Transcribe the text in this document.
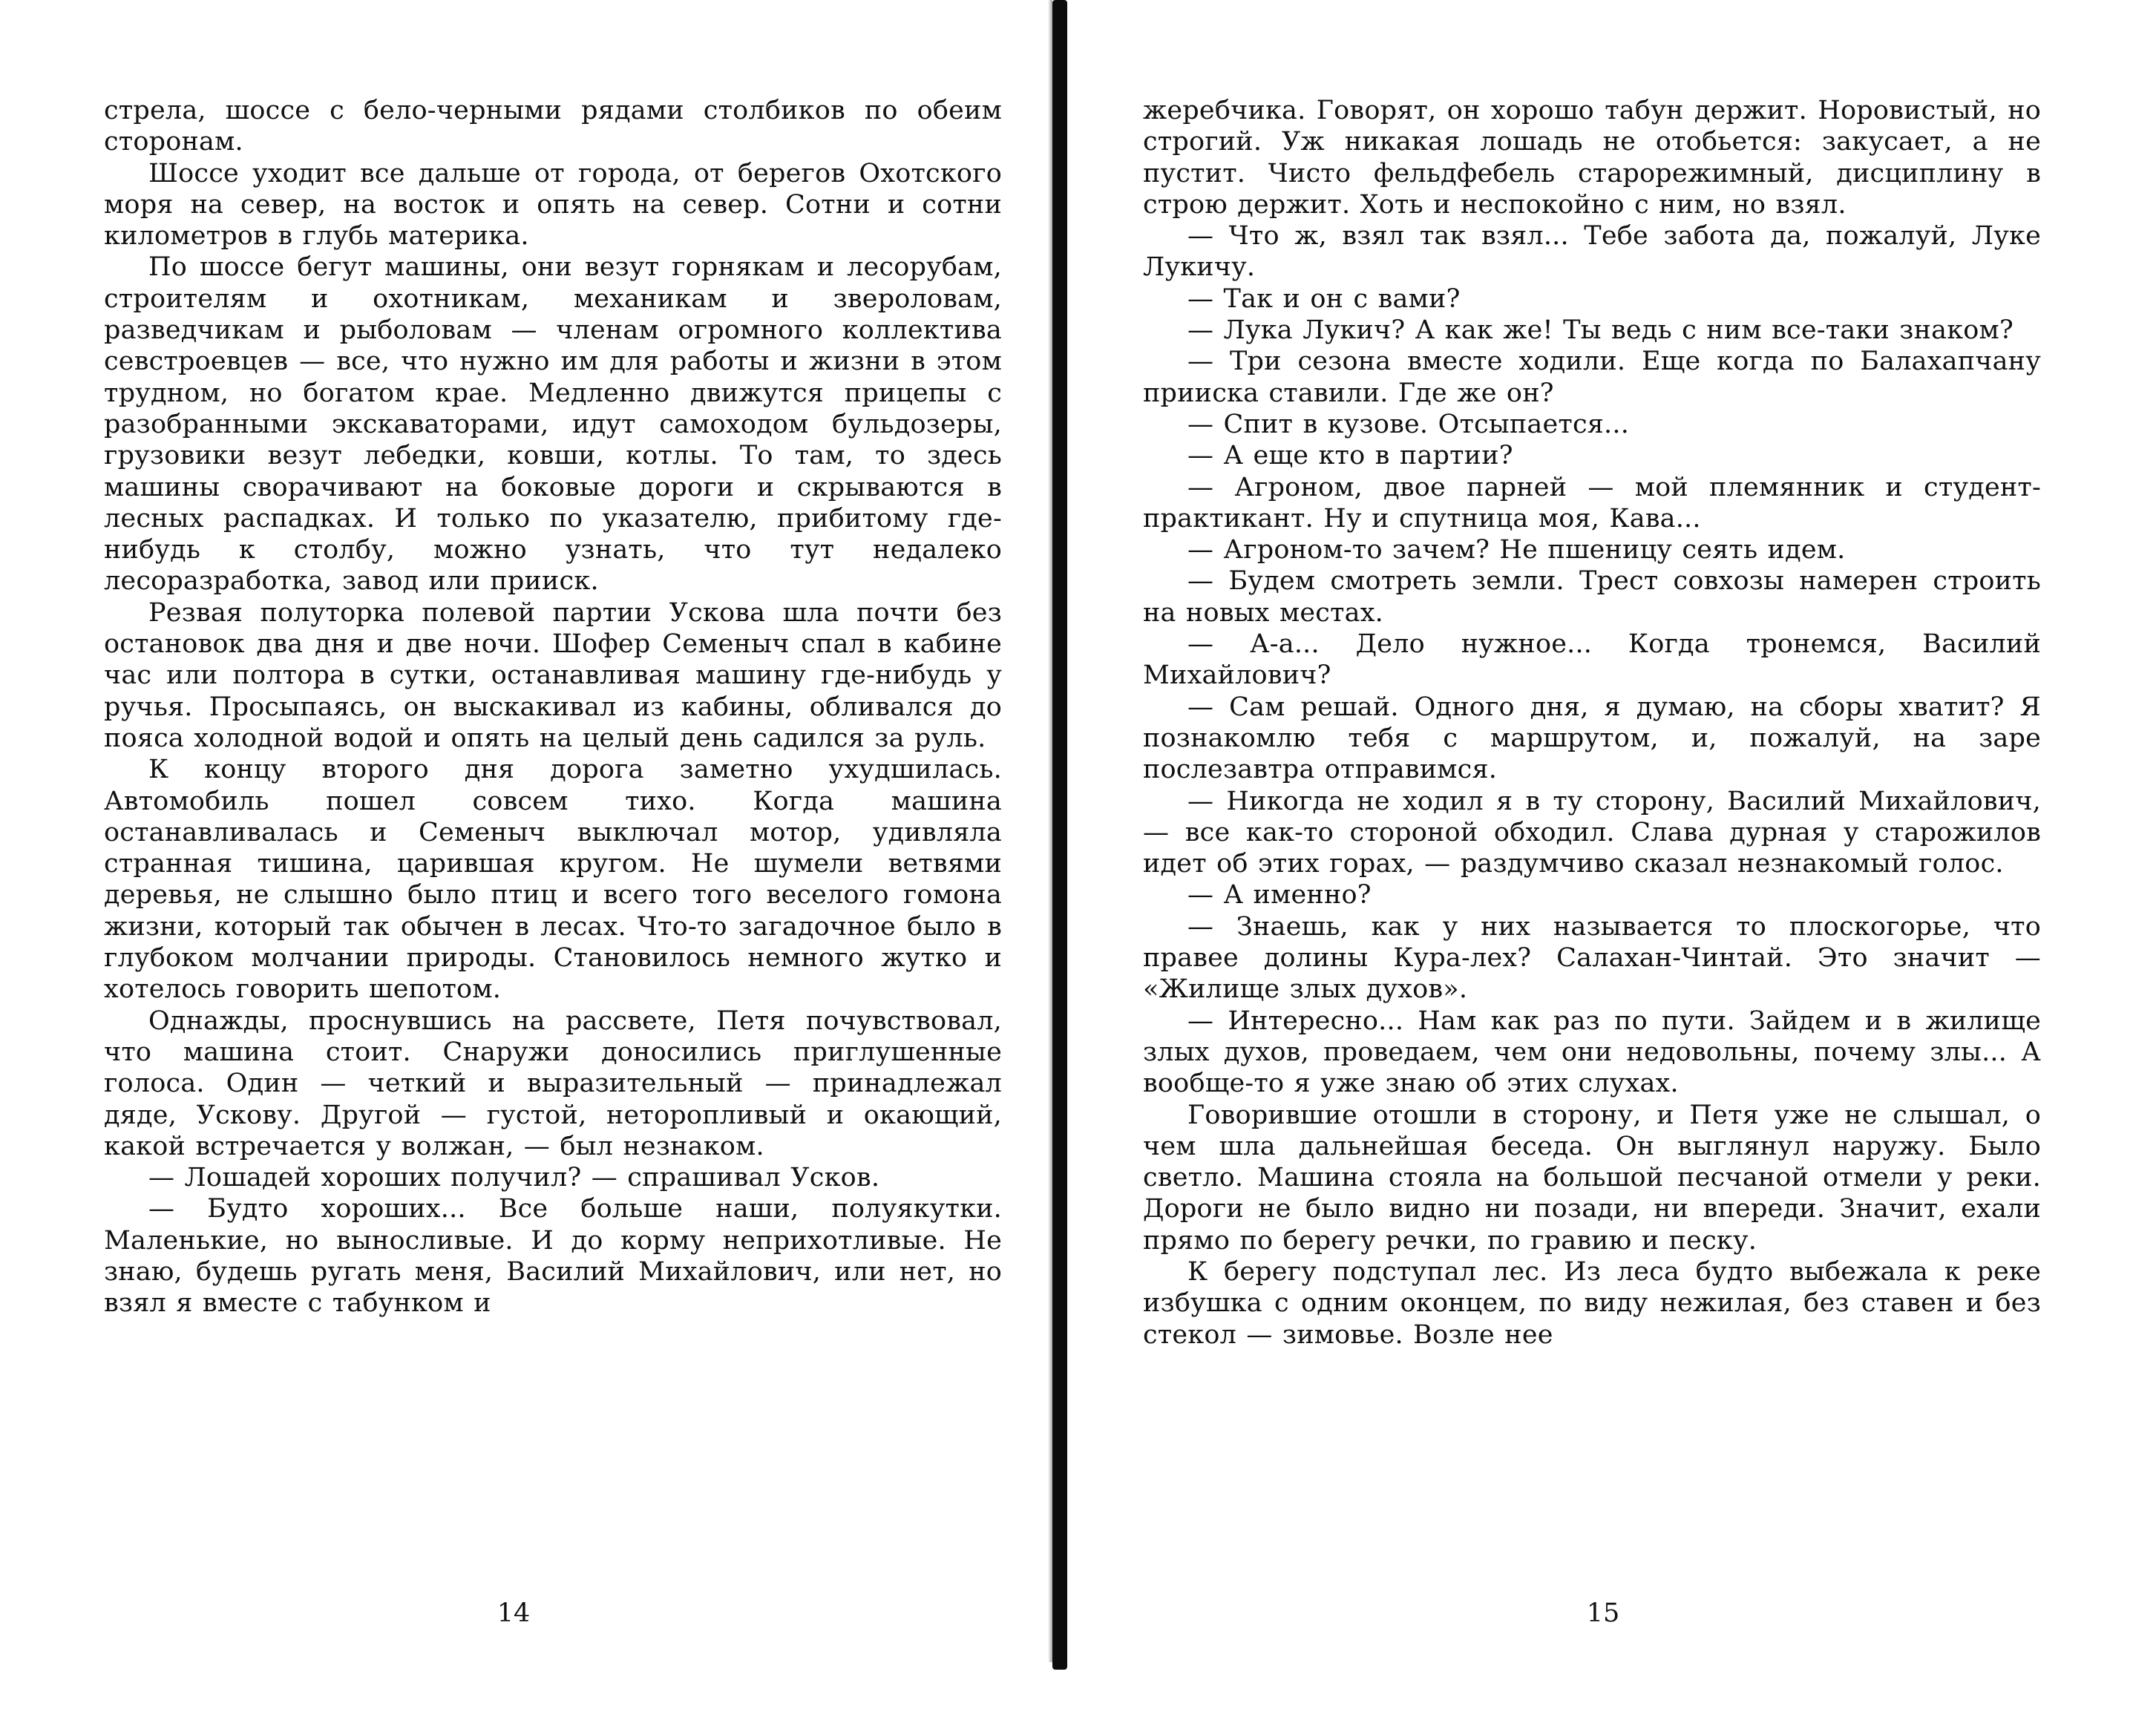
стрела, шоссе с бело-черными рядами столбиков по обеим сторонам.

Шоссе уходит все дальше от города, от берегов Охотского моря на север, на восток и опять на север. Сотни и сотни километров в глубь материка.

По шоссе бегут машины, они везут горнякам и лесорубам, строителям и охотникам, механикам и звероловам, разведчикам и рыболовам — членам огромного коллектива севстроевцев — все, что нужно им для работы и жизни в этом трудном, но богатом крае. Медленно движутся прицепы с разобранными экскаваторами, идут самоходом бульдозеры, грузовики везут лебедки, ковши, котлы. То там, то здесь машины сворачивают на боковые дороги и скрываются в лесных распадках. И только по указателю, прибитому где-нибудь к столбу, можно узнать, что тут недалеко лесоразработка, завод или прииск.

Резвая полуторка полевой партии Ускова шла почти без остановок два дня и две ночи. Шофер Семеныч спал в кабине час или полтора в сутки, останавливая машину где-нибудь у ручья. Просыпаясь, он выскакивал из кабины, обливался до пояса холодной водой и опять на целый день садился за руль.

К концу второго дня дорога заметно ухудшилась. Автомобиль пошел совсем тихо. Когда машина останавливалась и Семеныч выключал мотор, удивляла странная тишина, царившая кругом. Не шумели ветвями деревья, не слышно было птиц и всего того веселого гомона жизни, который так обычен в лесах. Что-то загадочное было в глубоком молчании природы. Становилось немного жутко и хотелось говорить шепотом.

Однажды, проснувшись на рассвете, Петя почувствовал, что машина стоит. Снаружи доносились приглушенные голоса. Один — четкий и выразительный — принадлежал дяде, Ускову. Другой — густой, неторопливый и окающий, какой встречается у волжан, — был незнаком.

— Лошадей хороших получил? — спрашивал Усков.

— Будто хороших... Все больше наши, полуякутки. Маленькие, но выносливые. И до корму неприхотливые. Не знаю, будешь ругать меня, Василий Михайлович, или нет, но взял я вместе с табунком и

14

жеребчика. Говорят, он хорошо табун держит. Норовистый, но строгий. Уж никакая лошадь не отобьется: закусает, а не пустит. Чисто фельдфебель старорежимный, дисциплину в строю держит. Хоть и неспокойно с ним, но взял.

— Что ж, взял так взял... Тебе забота да, пожалуй, Луке Лукичу.

— Так и он с вами?

— Лука Лукич? А как же! Ты ведь с ним все-таки знаком?

— Три сезона вместе ходили. Еще когда по Балахапчану прииска ставили. Где же он?

— Спит в кузове. Отсыпается...

— А еще кто в партии?

— Агроном, двое парней — мой племянник и студент-практикант. Ну и спутница моя, Кава...

— Агроном-то зачем? Не пшеницу сеять идем.

— Будем смотреть земли. Трест совхозы намерен строить на новых местах.

— А-а... Дело нужное... Когда тронемся, Василий Михайлович?

— Сам решай. Одного дня, я думаю, на сборы хватит? Я познакомлю тебя с маршрутом, и, пожалуй, на заре послезавтра отправимся.

— Никогда не ходил я в ту сторону, Василий Михайлович, — все как-то стороной обходил. Слава дурная у старожилов идет об этих горах, — раздумчиво сказал незнакомый голос.

— А именно?

— Знаешь, как у них называется то плоскогорье, что правее долины Кура-лех? Салахан-Чинтай. Это значит — «Жилище злых духов».

— Интересно... Нам как раз по пути. Зайдем и в жилище злых духов, проведаем, чем они недовольны, почему злы... А вообще-то я уже знаю об этих слухах.

Говорившие отошли в сторону, и Петя уже не слышал, о чем шла дальнейшая беседа. Он выглянул наружу. Было светло. Машина стояла на большой песчаной отмели у реки. Дороги не было видно ни позади, ни впереди. Значит, ехали прямо по берегу речки, по гравию и песку.

К берегу подступал лес. Из леса будто выбежала к реке избушка с одним оконцем, по виду нежилая, без ставен и без стекол — зимовье. Возле нее

15
